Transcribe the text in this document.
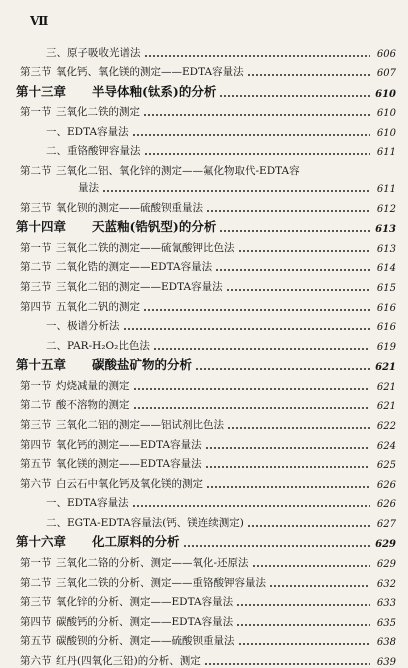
Ⅶ
三、原子吸收光谱法	606
第三节 氧化钙、氧化镁的测定——EDTA容量法	607
第十三章 半导体釉(钛系)的分析	610
第一节 三氧化二铁的测定	610
一、EDTA容量法	610
二、重铬酸钾容量法	611
第二节 三氧化二铝、氧化锌的测定——氟化物取代-EDTA容
量法	611
第三节 氧化钡的测定——硫酸钡重量法	612
第十四章 天蓝釉(锆钒型)的分析	613
第一节 三氧化二铁的测定——硫氰酸钾比色法	613
第二节 二氧化锆的测定——EDTA容量法	614
第三节 三氧化二铝的测定——EDTA容量法	615
第四节 五氧化二钒的测定	616
一、极谱分析法	616
二、PAR-H₂O₂比色法	619
第十五章 碳酸盐矿物的分析	621
第一节 灼烧减量的测定	621
第二节 酸不溶物的测定	621
第三节 三氧化二铝的测定——铝试剂比色法	622
第四节 氧化钙的测定——EDTA容量法	624
第五节 氧化镁的测定——EDTA容量法	625
第六节 白云石中氧化钙及氧化镁的测定	626
一、EDTA容量法	626
二、EGTA-EDTA容量法(钙、镁连续测定)	627
第十六章 化工原料的分析	629
第一节 三氧化二铬的分析、测定——氧化-还原法	629
第二节 三氧化二铁的分析、测定——重铬酸钾容量法	632
第三节 氧化锌的分析、测定——EDTA容量法	633
第四节 碳酸钙的分析、测定——EDTA容量法	635
第五节 碳酸钡的分析、测定——硫酸钡重量法	638
第六节 红丹(四氧化三铅)的分析、测定	639
